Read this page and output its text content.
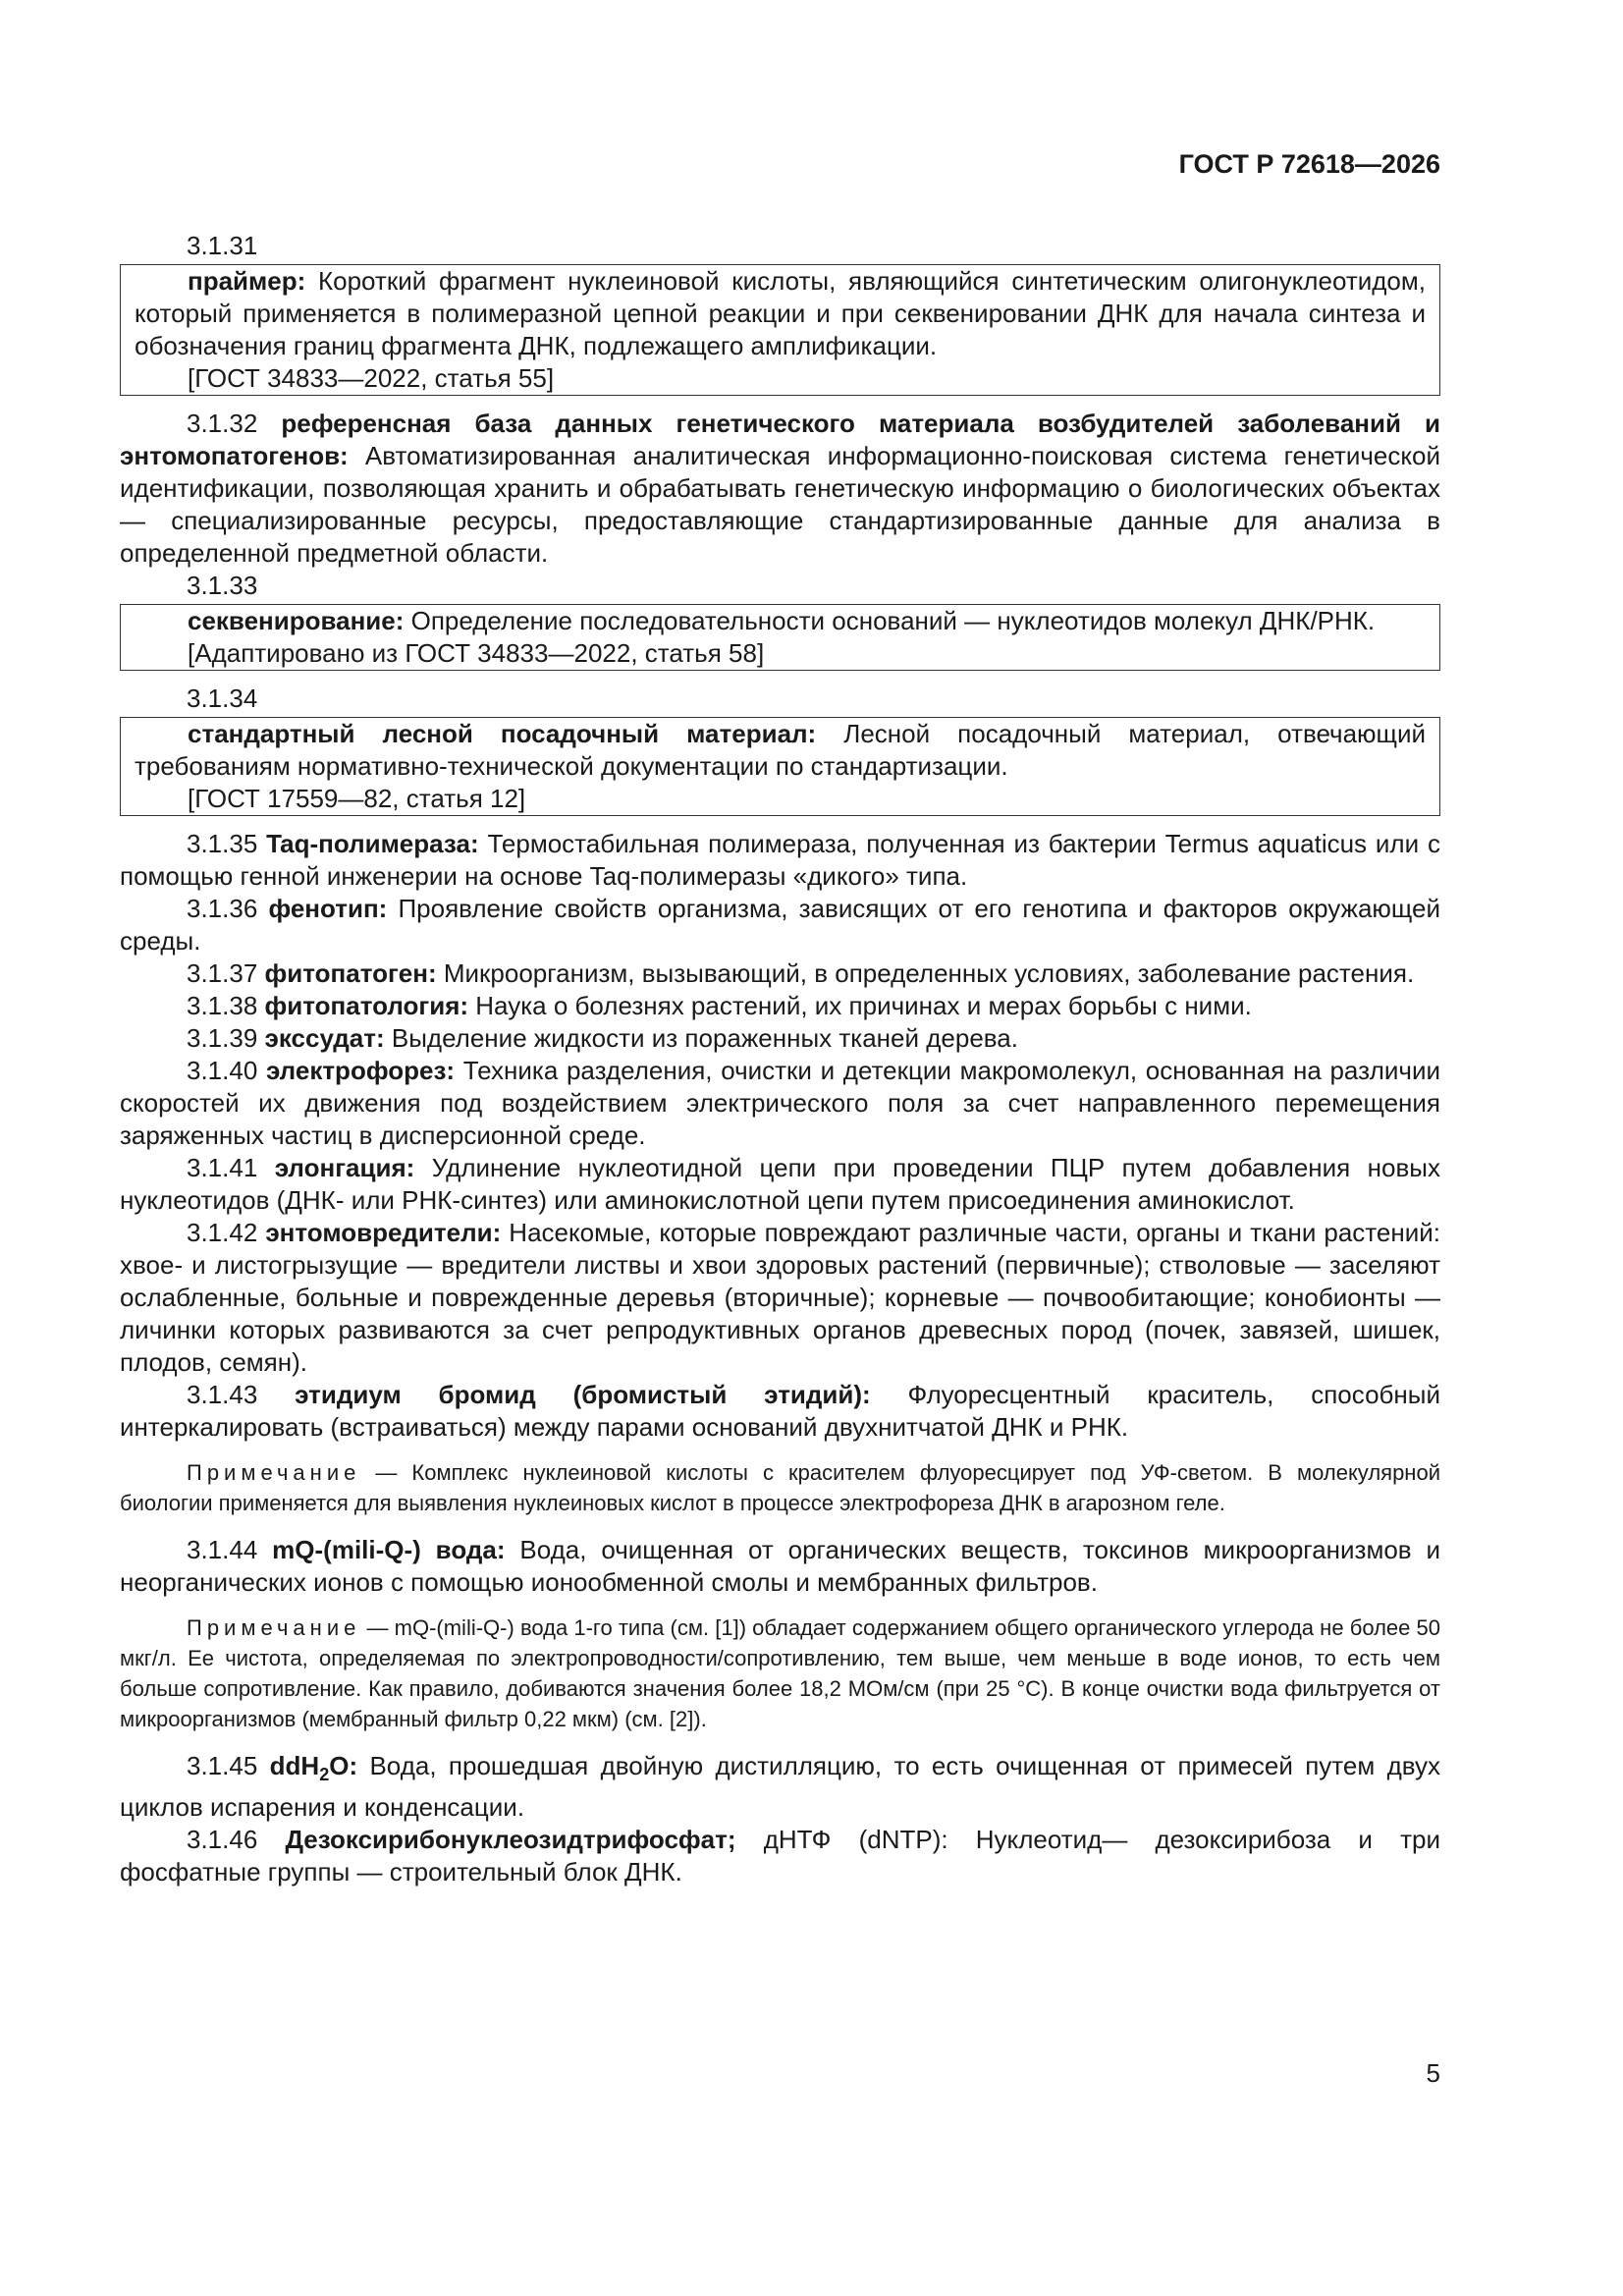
ГОСТ Р 72618—2026
3.1.31

праймер: Короткий фрагмент нуклеиновой кислоты, являющийся синтетическим олигонуклеотидом, который применяется в полимеразной цепной реакции и при секвенировании ДНК для начала синтеза и обозначения границ фрагмента ДНК, подлежащего амплификации.

[ГОСТ 34833—2022, статья 55]

3.1.32 референсная база данных генетического материала возбудителей заболеваний и энтомопатогенов: Автоматизированная аналитическая информационно-поисковая система генетической идентификации, позволяющая хранить и обрабатывать генетическую информацию о биологических объектах — специализированные ресурсы, предоставляющие стандартизированные данные для анализа в определенной предметной области.

3.1.33

секвенирование: Определение последовательности оснований — нуклеотидов молекул ДНК/РНК.

[Адаптировано из ГОСТ 34833—2022, статья 58]

3.1.34

стандартный лесной посадочный материал: Лесной посадочный материал, отвечающий требованиям нормативно-технической документации по стандартизации.

[ГОСТ 17559—82, статья 12]

3.1.35 Taq-полимераза: Термостабильная полимераза, полученная из бактерии Termus aquaticus или с помощью генной инженерии на основе Taq-полимеразы «дикого» типа.

3.1.36 фенотип: Проявление свойств организма, зависящих от его генотипа и факторов окружающей среды.

3.1.37 фитопатоген: Микроорганизм, вызывающий, в определенных условиях, заболевание растения.

3.1.38 фитопатология: Наука о болезнях растений, их причинах и мерах борьбы с ними.

3.1.39 экссудат: Выделение жидкости из пораженных тканей дерева.

3.1.40 электрофорез: Техника разделения, очистки и детекции макромолекул, основанная на различии скоростей их движения под воздействием электрического поля за счет направленного перемещения заряженных частиц в дисперсионной среде.

3.1.41 элонгация: Удлинение нуклеотидной цепи при проведении ПЦР путем добавления новых нуклеотидов (ДНК- или РНК-синтез) или аминокислотной цепи путем присоединения аминокислот.

3.1.42 энтомовредители: Насекомые, которые повреждают различные части, органы и ткани растений: хвое- и листогрызущие — вредители листвы и хвои здоровых растений (первичные); стволовые — заселяют ослабленные, больные и поврежденные деревья (вторичные); корневые — почвообитающие; конобионты — личинки которых развиваются за счет репродуктивных органов древесных пород (почек, завязей, шишек, плодов, семян).

3.1.43 этидиум бромид (бромистый этидий): Флуоресцентный краситель, способный интеркалировать (встраиваться) между парами оснований двухнитчатой ДНК и РНК.

Примечание — Комплекс нуклеиновой кислоты с красителем флуоресцирует под УФ-светом. В молекулярной биологии применяется для выявления нуклеиновых кислот в процессе электрофореза ДНК в агарозном геле.

3.1.44 mQ-(mili-Q-) вода: Вода, очищенная от органических веществ, токсинов микроорганизмов и неорганических ионов с помощью ионообменной смолы и мембранных фильтров.

Примечание — mQ-(mili-Q-) вода 1-го типа (см. [1]) обладает содержанием общего органического углерода не более 50 мкг/л. Ее чистота, определяемая по электропроводности/сопротивлению, тем выше, чем меньше в воде ионов, то есть чем больше сопротивление. Как правило, добиваются значения более 18,2 МОм/см (при 25 °С). В конце очистки вода фильтруется от микроорганизмов (мембранный фильтр 0,22 мкм) (см. [2]).

3.1.45 ddH$_2$O: Вода, прошедшая двойную дистилляцию, то есть очищенная от примесей путем двух циклов испарения и конденсации.

3.1.46 Дезоксирибонуклеозидтрифосфат; дНТФ (dNTP): Нуклеотид— дезоксирибоза и три фосфатные группы — строительный блок ДНК.

5
